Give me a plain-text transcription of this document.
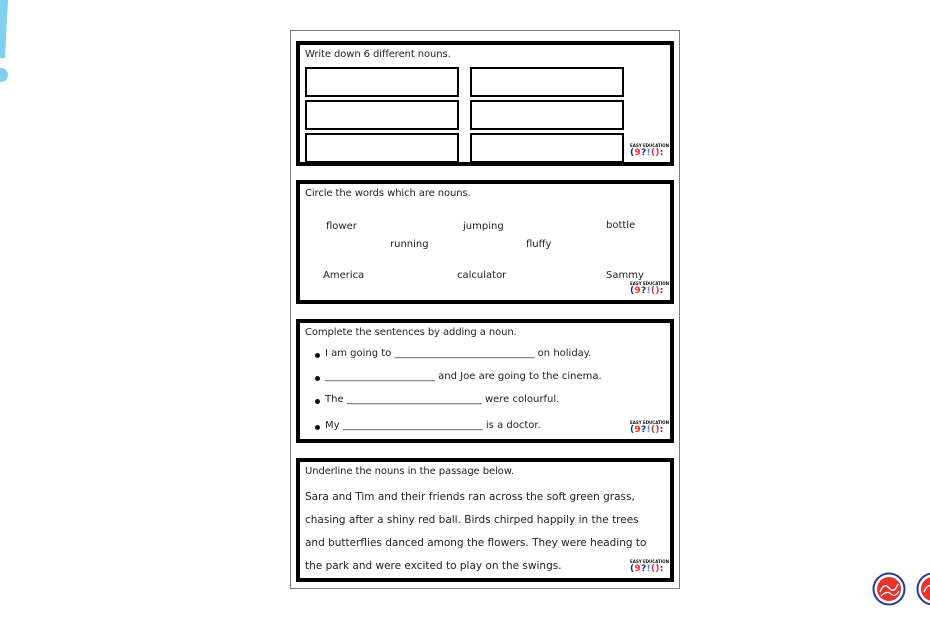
Write down 6 different nouns.
EASY EDUCATION
(9?!():
Circle the words which are nouns.
flower	jumping	bottle
running	fluffy
America	calculator	Sammy
EASY EDUCATION
(9?!():
Complete the sentences by adding a noun.
I am going to ____________________________ on holiday.
______________________ and Joe are going to the cinema.
The ___________________________ were colourful.
My ____________________________ is a doctor.	EASY EDUCATION
(9?!():
Underline the nouns in the passage below.
Sara and Tim and their friends ran across the soft green grass,
chasing after a shiny red ball. Birds chirped happily in the trees
and butterflies danced among the flowers. They were heading to
the park and were excited to play on the swings.	EASY EDUCATION
(9?!():
